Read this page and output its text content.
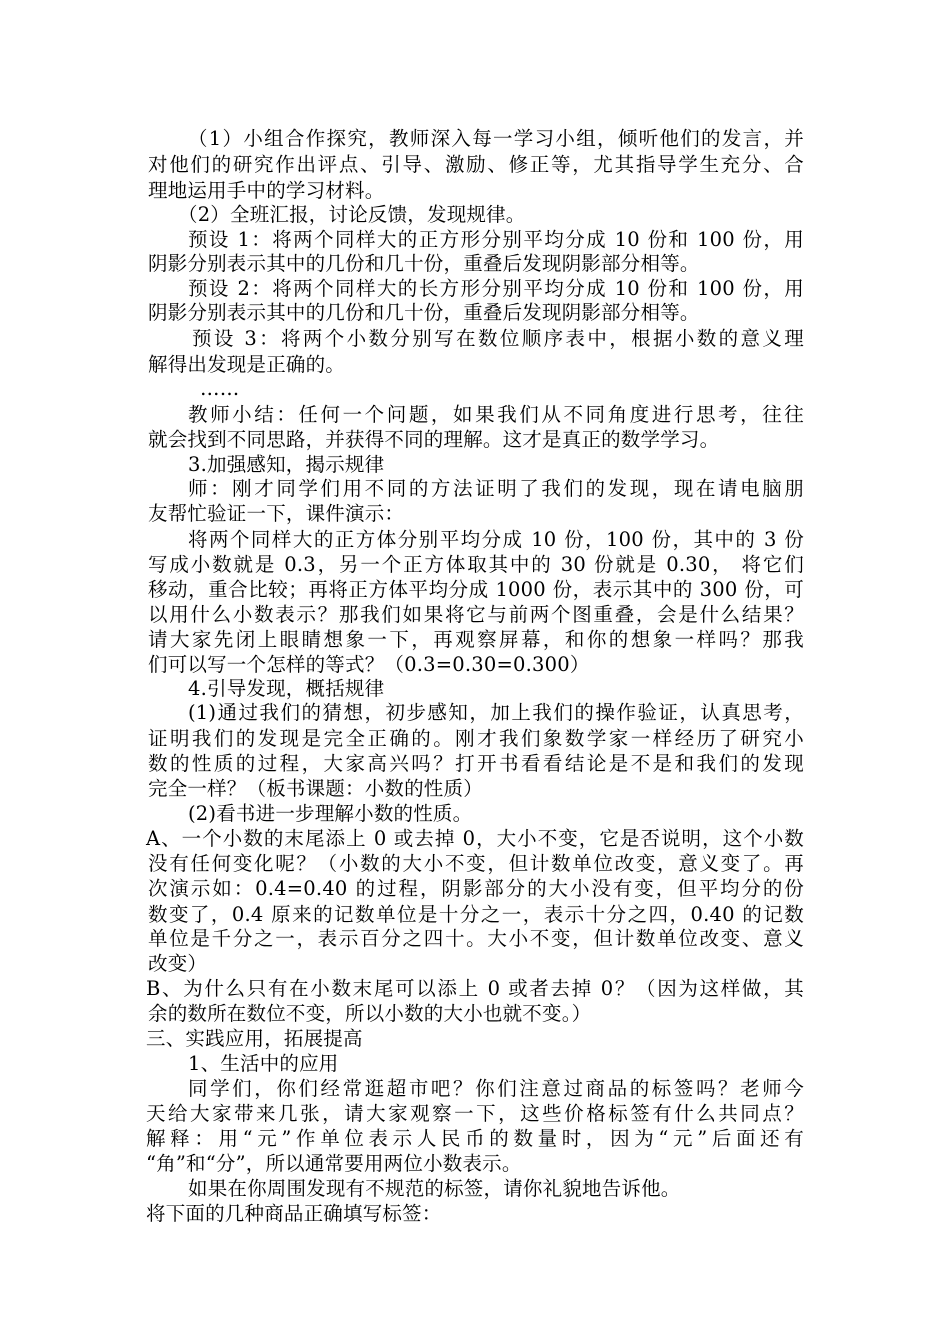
（1）小组合作探究，教师深入每一学习小组，倾听他们的发言，并
对他们的研究作出评点、引导、激励、修正等，尤其指导学生充分、合
理地运用手中的学习材料。
（2）全班汇报，讨论反馈，发现规律。
预设 1：将两个同样大的正方形分别平均分成 10 份和 100 份，用
阴影分别表示其中的几份和几十份，重叠后发现阴影部分相等。
预设 2：将两个同样大的长方形分别平均分成 10 份和 100 份，用
阴影分别表示其中的几份和几十份，重叠后发现阴影部分相等。
预设 3：将两个小数分别写在数位顺序表中，根据小数的意义理
解得出发现是正确的。
……
教师小结：任何一个问题，如果我们从不同角度进行思考，往往
就会找到不同思路，并获得不同的理解。这才是真正的数学学习。
3.加强感知，揭示规律
师：刚才同学们用不同的方法证明了我们的发现，现在请电脑朋
友帮忙验证一下，课件演示：
将两个同样大的正方体分别平均分成 10 份，100 份，其中的 3 份
写成小数就是 0.3，另一个正方体取其中的 30 份就是 0.30， 将它们
移动，重合比较；再将正方体平均分成 1000 份，表示其中的 300 份，可
以用什么小数表示？那我们如果将它与前两个图重叠，会是什么结果？
请大家先闭上眼睛想象一下，再观察屏幕，和你的想象一样吗？那我
们可以写一个怎样的等式？（0.3=0.30=0.300）
4.引导发现，概括规律
(1)通过我们的猜想，初步感知，加上我们的操作验证，认真思考，
证明我们的发现是完全正确的。刚才我们象数学家一样经历了研究小
数的性质的过程，大家高兴吗？打开书看看结论是不是和我们的发现
完全一样？（板书课题：小数的性质）
(2)看书进一步理解小数的性质。
A、一个小数的末尾添上 0 或去掉 0，大小不变，它是否说明，这个小数
没有任何变化呢？（小数的大小不变，但计数单位改变，意义变了。再
次演示如：0.4=0.40 的过程，阴影部分的大小没有变，但平均分的份
数变了，0.4 原来的记数单位是十分之一，表示十分之四，0.40 的记数
单位是千分之一，表示百分之四十。大小不变，但计数单位改变、意义
改变）
B、为什么只有在小数末尾可以添上 0 或者去掉 0？（因为这样做，其
余的数所在数位不变，所以小数的大小也就不变。）
三、实践应用，拓展提高
1、生活中的应用
同学们，你们经常逛超市吧？你们注意过商品的标签吗？老师今
天给大家带来几张，请大家观察一下，这些价格标签有什么共同点？
解释：用“元”作单位表示人民币的数量时，因为“元”后面还有
“角”和“分”，所以通常要用两位小数表示。
如果在你周围发现有不规范的标签，请你礼貌地告诉他。
将下面的几种商品正确填写标签：
